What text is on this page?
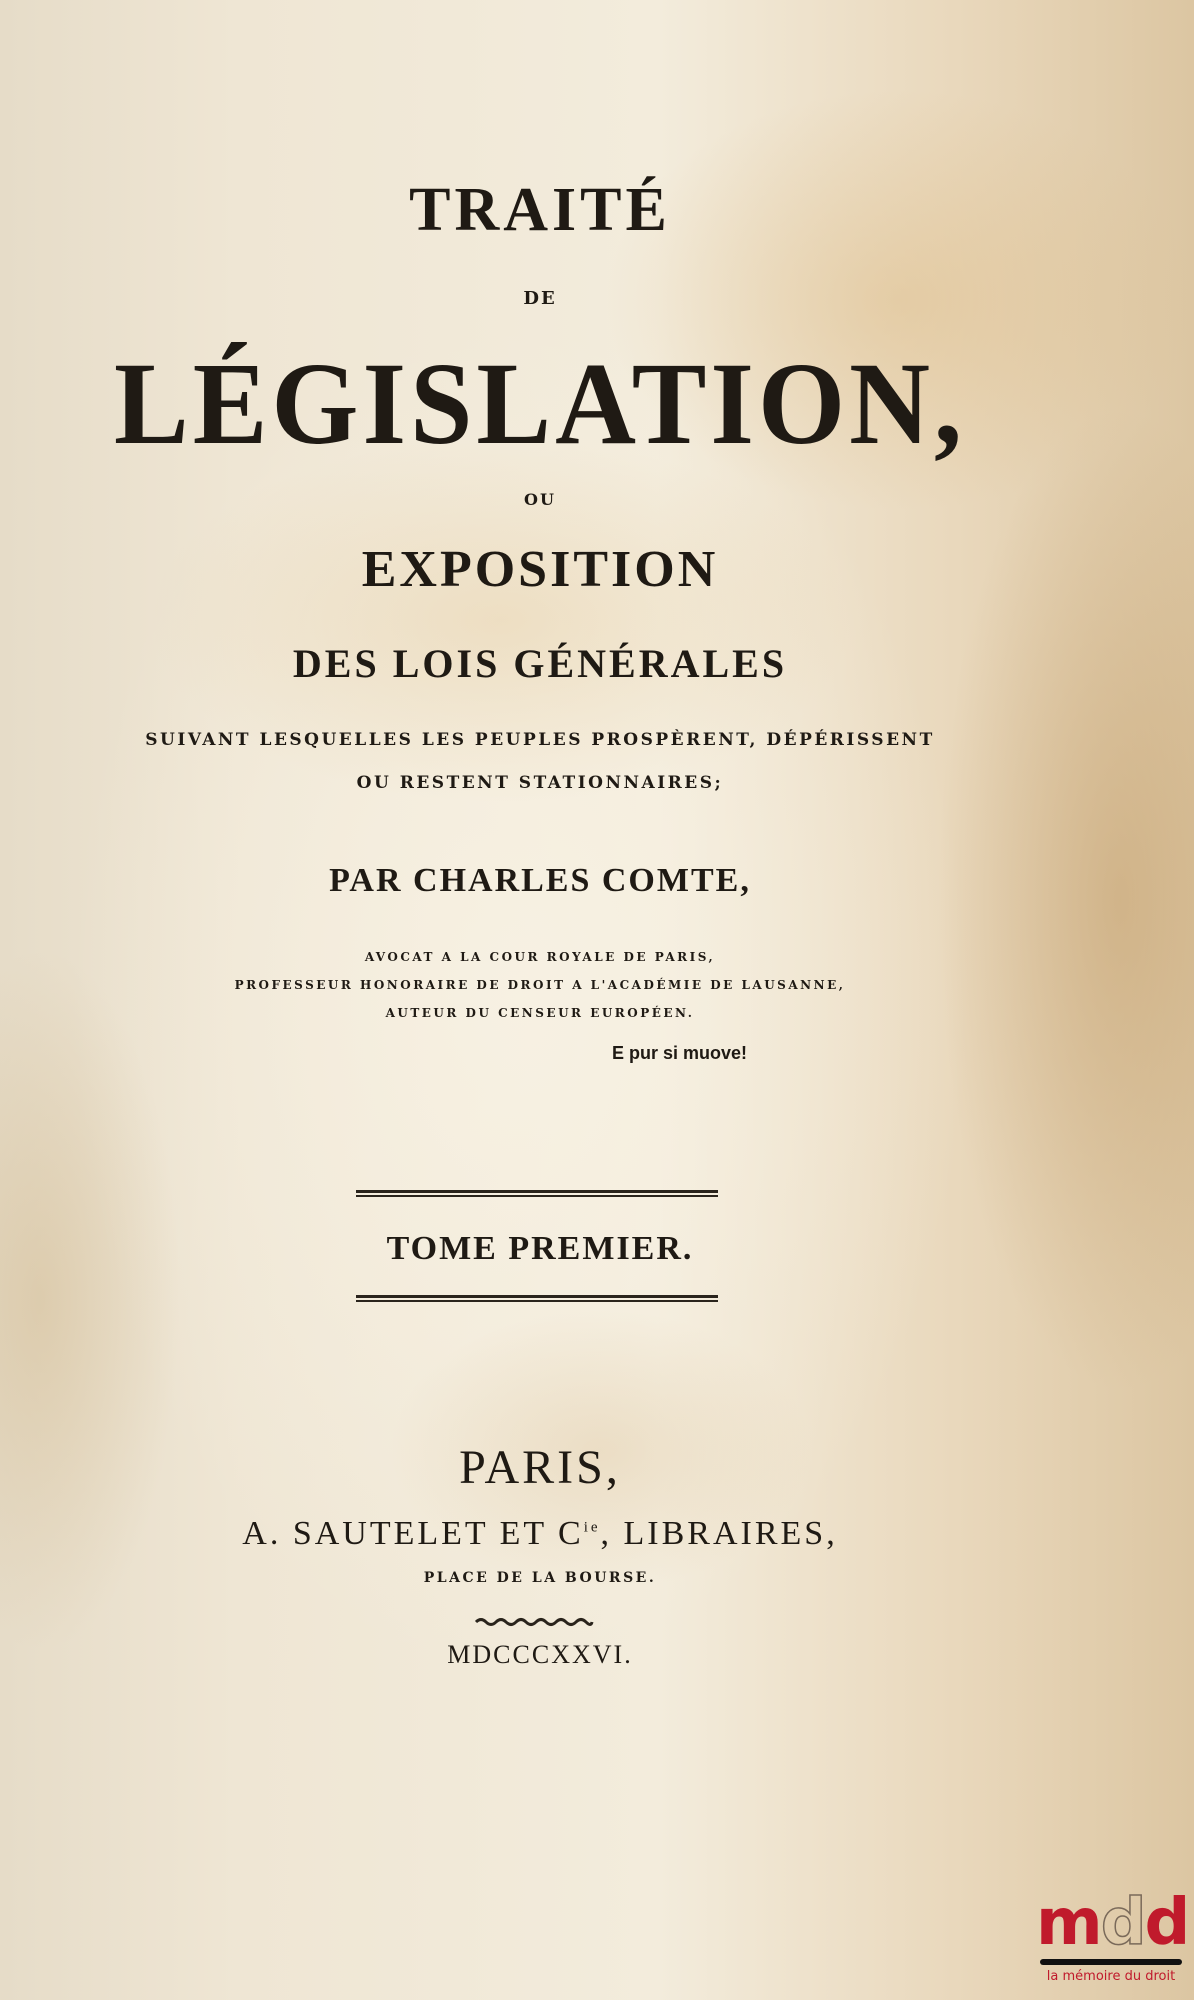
TRAITÉ
DE
LÉGISLATION,
OU
EXPOSITION
DES LOIS GÉNÉRALES
SUIVANT LESQUELLES LES PEUPLES PROSPÈRENT, DÉPÉRISSENT
OU RESTENT STATIONNAIRES;
PAR CHARLES COMTE,
AVOCAT A LA COUR ROYALE DE PARIS,
PROFESSEUR HONORAIRE DE DROIT A L'ACADÉMIE DE LAUSANNE,
AUTEUR DU CENSEUR EUROPÉEN.
E pur si muove!
TOME PREMIER.
PARIS,
A. SAUTELET ET $C^{ie}$, LIBRAIRES,
PLACE DE LA BOURSE.
MDCCCXXVI.
mdd
la mémoire du droit
